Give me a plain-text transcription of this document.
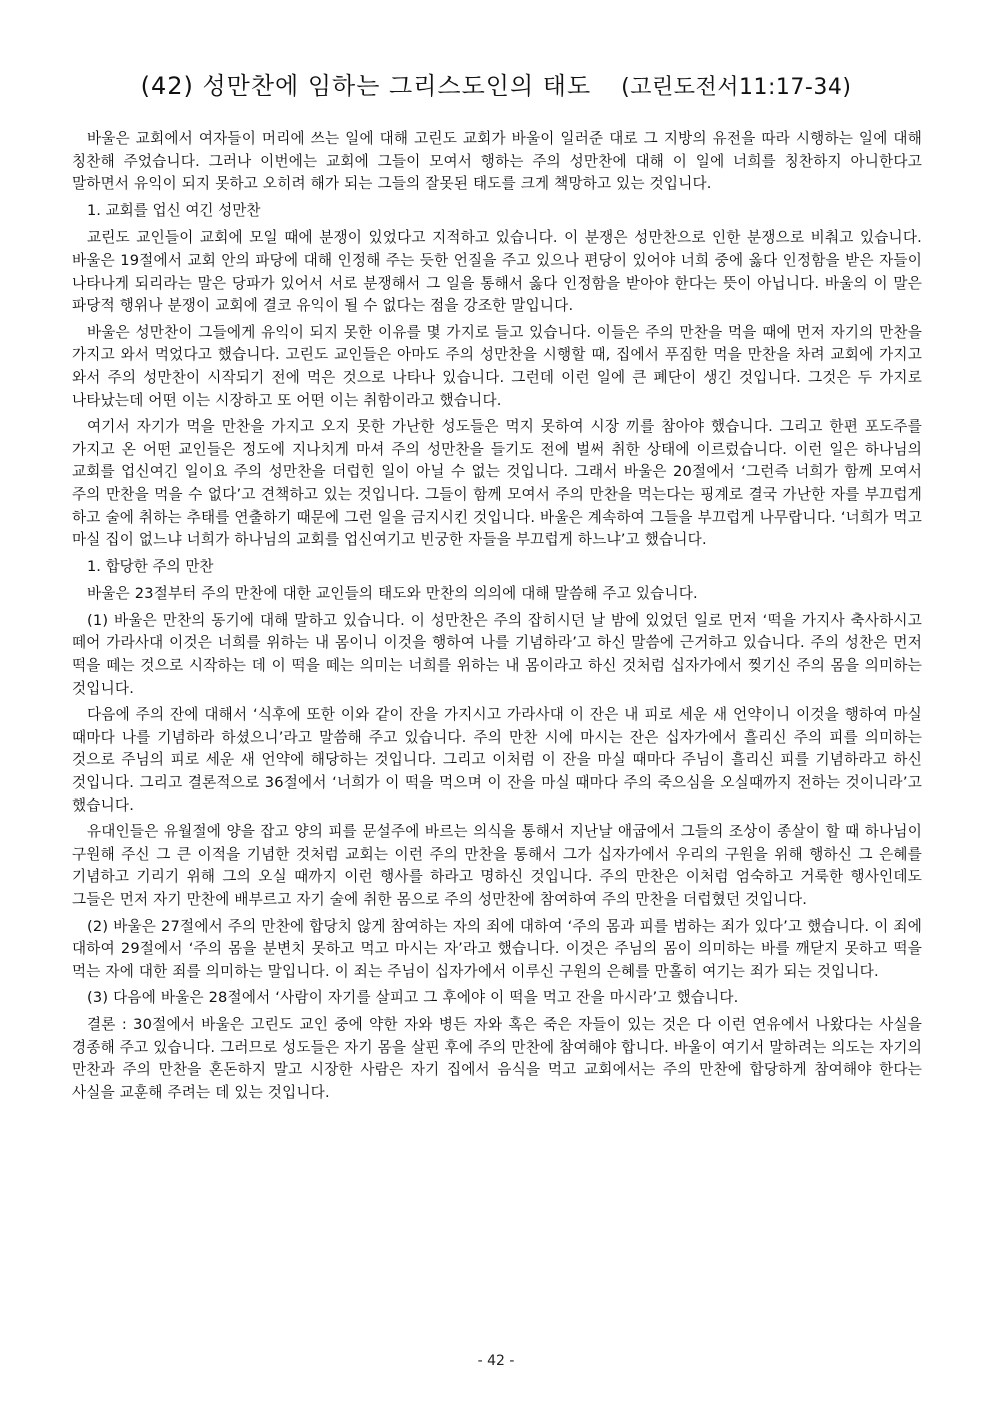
(42) 성만찬에 임하는 그리스도인의 태도 (고린도전서11:17-34)

바울은 교회에서 여자들이 머리에 쓰는 일에 대해 고린도 교회가 바울이 일러준 대로 그 지방의 유전을 따라 시행하는 일에 대해 칭찬해 주었습니다. 그러나 이번에는 교회에 그들이 모여서 행하는 주의 성만찬에 대해 이 일에 너희를 칭찬하지 아니한다고 말하면서 유익이 되지 못하고 오히려 해가 되는 그들의 잘못된 태도를 크게 책망하고 있는 것입니다.

1. 교회를 업신 여긴 성만찬

교린도 교인들이 교회에 모일 때에 분쟁이 있었다고 지적하고 있습니다. 이 분쟁은 성만찬으로 인한 분쟁으로 비춰고 있습니다. 바울은 19절에서 교회 안의 파당에 대해 인정해 주는 듯한 언질을 주고 있으나 편당이 있어야 너희 중에 옳다 인정함을 받은 자들이 나타나게 되리라는 말은 당파가 있어서 서로 분쟁해서 그 일을 통해서 옳다 인정함을 받아야 한다는 뜻이 아닙니다. 바울의 이 말은 파당적 행위나 분쟁이 교회에 결코 유익이 될 수 없다는 점을 강조한 말입니다.

바울은 성만찬이 그들에게 유익이 되지 못한 이유를 몇 가지로 들고 있습니다. 이들은 주의 만찬을 먹을 때에 먼저 자기의 만찬을 가지고 와서 먹었다고 했습니다. 고린도 교인들은 아마도 주의 성만찬을 시행할 때, 집에서 푸짐한 먹을 만찬을 차려 교회에 가지고 와서 주의 성만찬이 시작되기 전에 먹은 것으로 나타나 있습니다. 그런데 이런 일에 큰 폐단이 생긴 것입니다. 그것은 두 가지로 나타났는데 어떤 이는 시장하고 또 어떤 이는 취함이라고 했습니다.

여기서 자기가 먹을 만찬을 가지고 오지 못한 가난한 성도들은 먹지 못하여 시장 끼를 참아야 했습니다. 그리고 한편 포도주를 가지고 온 어떤 교인들은 정도에 지나치게 마셔 주의 성만찬을 들기도 전에 벌써 취한 상태에 이르렀습니다. 이런 일은 하나님의 교회를 업신여긴 일이요 주의 성만찬을 더럽힌 일이 아닐 수 없는 것입니다. 그래서 바울은 20절에서 ‘그런즉 너희가 함께 모여서 주의 만찬을 먹을 수 없다’고 견책하고 있는 것입니다. 그들이 함께 모여서 주의 만찬을 먹는다는 핑계로 결국 가난한 자를 부끄럽게 하고 술에 취하는 추태를 연출하기 때문에 그런 일을 금지시킨 것입니다. 바울은 계속하여 그들을 부끄럽게 나무랍니다. ‘너희가 먹고 마실 집이 없느냐 너희가 하나님의 교회를 업신여기고 빈궁한 자들을 부끄럽게 하느냐’고 했습니다.

1. 합당한 주의 만찬

바울은 23절부터 주의 만찬에 대한 교인들의 태도와 만찬의 의의에 대해 말씀해 주고 있습니다.

(1) 바울은 만찬의 동기에 대해 말하고 있습니다. 이 성만찬은 주의 잡히시던 날 밤에 있었던 일로 먼저 ‘떡을 가지사 축사하시고 떼어 가라사대 이것은 너희를 위하는 내 몸이니 이것을 행하여 나를 기념하라’고 하신 말씀에 근거하고 있습니다. 주의 성찬은 먼저 떡을 떼는 것으로 시작하는 데 이 떡을 떼는 의미는 너희를 위하는 내 몸이라고 하신 것처럼 십자가에서 찢기신 주의 몸을 의미하는 것입니다.

다음에 주의 잔에 대해서 ‘식후에 또한 이와 같이 잔을 가지시고 가라사대 이 잔은 내 피로 세운 새 언약이니 이것을 행하여 마실 때마다 나를 기념하라 하셨으니’라고 말씀해 주고 있습니다. 주의 만찬 시에 마시는 잔은 십자가에서 흘리신 주의 피를 의미하는 것으로 주님의 피로 세운 새 언약에 해당하는 것입니다. 그리고 이처럼 이 잔을 마실 때마다 주님이 흘리신 피를 기념하라고 하신 것입니다. 그리고 결론적으로 36절에서 ‘너희가 이 떡을 먹으며 이 잔을 마실 때마다 주의 죽으심을 오실때까지 전하는 것이니라’고 했습니다.

유대인들은 유월절에 양을 잡고 양의 피를 문설주에 바르는 의식을 통해서 지난날 애굽에서 그들의 조상이 종살이 할 때 하나님이 구원해 주신 그 큰 이적을 기념한 것처럼 교회는 이런 주의 만찬을 통해서 그가 십자가에서 우리의 구원을 위해 행하신 그 은혜를 기념하고 기리기 위해 그의 오실 때까지 이런 행사를 하라고 명하신 것입니다. 주의 만찬은 이처럼 엄숙하고 거룩한 행사인데도 그들은 먼저 자기 만찬에 배부르고 자기 술에 취한 몸으로 주의 성만찬에 참여하여 주의 만찬을 더럽혔던 것입니다.

(2) 바울은 27절에서 주의 만찬에 합당치 않게 참여하는 자의 죄에 대하여 ‘주의 몸과 피를 범하는 죄가 있다’고 했습니다. 이 죄에 대하여 29절에서 ‘주의 몸을 분변치 못하고 먹고 마시는 자’라고 했습니다. 이것은 주님의 몸이 의미하는 바를 깨닫지 못하고 떡을 먹는 자에 대한 죄를 의미하는 말입니다. 이 죄는 주님이 십자가에서 이루신 구원의 은혜를 만홀히 여기는 죄가 되는 것입니다.

(3) 다음에 바울은 28절에서 ‘사람이 자기를 살피고 그 후에야 이 떡을 먹고 잔을 마시라’고 했습니다.

결론 : 30절에서 바울은 고린도 교인 중에 약한 자와 병든 자와 혹은 죽은 자들이 있는 것은 다 이런 연유에서 나왔다는 사실을 경종해 주고 있습니다. 그러므로 성도들은 자기 몸을 살핀 후에 주의 만찬에 참여해야 합니다. 바울이 여기서 말하려는 의도는 자기의 만찬과 주의 만찬을 혼돈하지 말고 시장한 사람은 자기 집에서 음식을 먹고 교회에서는 주의 만찬에 합당하게 참여해야 한다는 사실을 교훈해 주려는 데 있는 것입니다.

- 42 -
